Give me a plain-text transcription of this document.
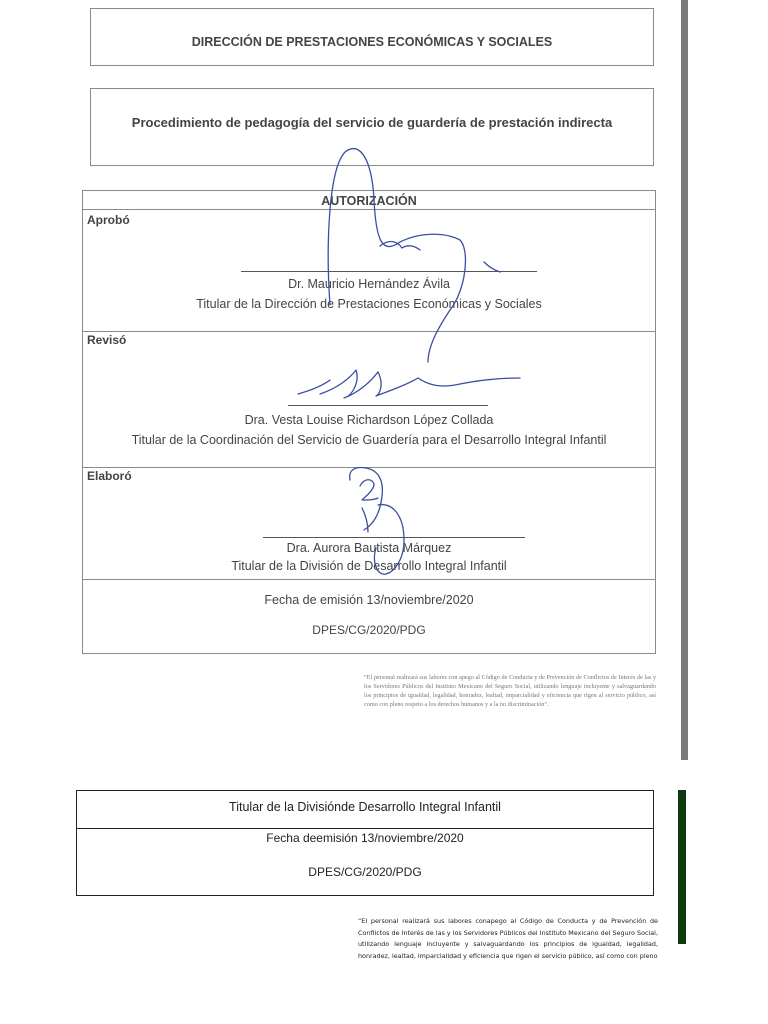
DIRECCIÓN DE PRESTACIONES ECONÓMICAS Y SOCIALES
Procedimiento de pedagogía del servicio de guardería de prestación indirecta
AUTORIZACIÓN
Aprobó
Dr. Mauricio Hernández Ávila
Titular de la Dirección de Prestaciones Económicas y Sociales
Revisó
Dra. Vesta Louise Richardson López Collada
Titular de la Coordinación del Servicio de Guardería para el Desarrollo Integral Infantil
Elaboró
Dra. Aurora Bautista Márquez
Titular de la División de Desarrollo Integral Infantil
Fecha de emisión 13/noviembre/2020
DPES/CG/2020/PDG
“El personal realizará sus labores con apego al Código de Conducta y de Prevención de Conflictos de Interés de las y los Servidores Públicos del Instituto Mexicano del Seguro Social, utilizando lenguaje incluyente y salvaguardando los principios de igualdad, legalidad, honradez, lealtad, imparcialidad y eficiencia que rigen al servicio público, así como con pleno respeto a los derechos humanos y a la no discriminación”.
Titular de la Divisiónde Desarrollo Integral Infantil
Fecha deemisión 13/noviembre/2020
DPES/CG/2020/PDG
“El personal realizará sus labores conapego al Código de Conducta y de Prevención de Conflictos de Interés de las y los Servidores Públicos del Instituto Mexicano del Seguro Social, utilizando lenguaje incluyente y salvaguardando los principios de igualdad, legalidad, honradez, lealtad, imparcialidad y eficiencia que rigen el servicio público, así como con pleno
